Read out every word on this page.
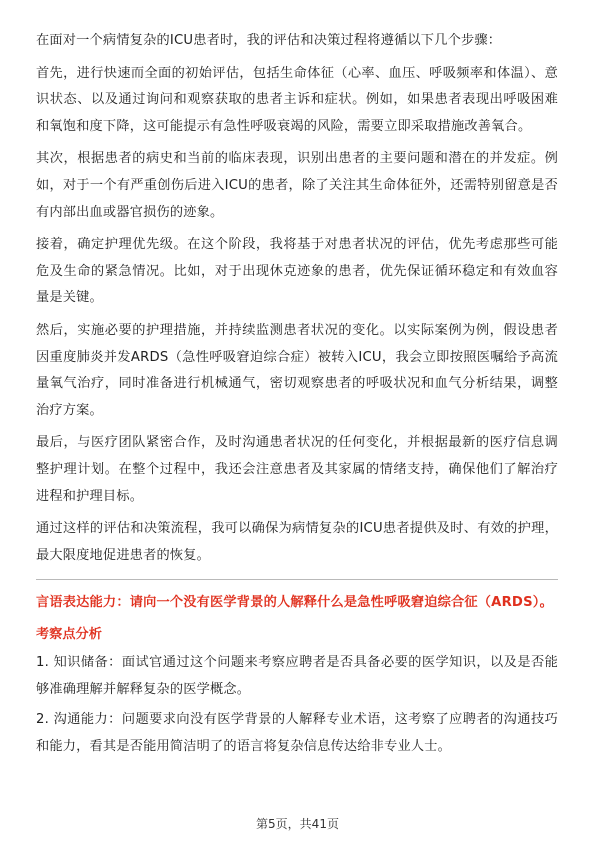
在面对一个病情复杂的ICU患者时，我的评估和决策过程将遵循以下几个步骤：

首先，进行快速而全面的初始评估，包括生命体征（心率、血压、呼吸频率和体温）、意识状态、以及通过询问和观察获取的患者主诉和症状。例如，如果患者表现出呼吸困难和氧饱和度下降，这可能提示有急性呼吸衰竭的风险，需要立即采取措施改善氧合。

其次，根据患者的病史和当前的临床表现，识别出患者的主要问题和潜在的并发症。例如，对于一个有严重创伤后进入ICU的患者，除了关注其生命体征外，还需特别留意是否有内部出血或器官损伤的迹象。

接着，确定护理优先级。在这个阶段，我将基于对患者状况的评估，优先考虑那些可能危及生命的紧急情况。比如，对于出现休克迹象的患者，优先保证循环稳定和有效血容量是关键。

然后，实施必要的护理措施，并持续监测患者状况的变化。以实际案例为例，假设患者因重度肺炎并发ARDS（急性呼吸窘迫综合症）被转入ICU，我会立即按照医嘱给予高流量氧气治疗，同时准备进行机械通气，密切观察患者的呼吸状况和血气分析结果，调整治疗方案。

最后，与医疗团队紧密合作，及时沟通患者状况的任何变化，并根据最新的医疗信息调整护理计划。在整个过程中，我还会注意患者及其家属的情绪支持，确保他们了解治疗进程和护理目标。

通过这样的评估和决策流程，我可以确保为病情复杂的ICU患者提供及时、有效的护理，最大限度地促进患者的恢复。

言语表达能力：请向一个没有医学背景的人解释什么是急性呼吸窘迫综合征（ARDS）。
考察点分析

1. 知识储备：面试官通过这个问题来考察应聘者是否具备必要的医学知识，以及是否能够准确理解并解释复杂的医学概念。

2. 沟通能力：问题要求向没有医学背景的人解释专业术语，这考察了应聘者的沟通技巧和能力，看其是否能用简洁明了的语言将复杂信息传达给非专业人士。

第5页，共41页
